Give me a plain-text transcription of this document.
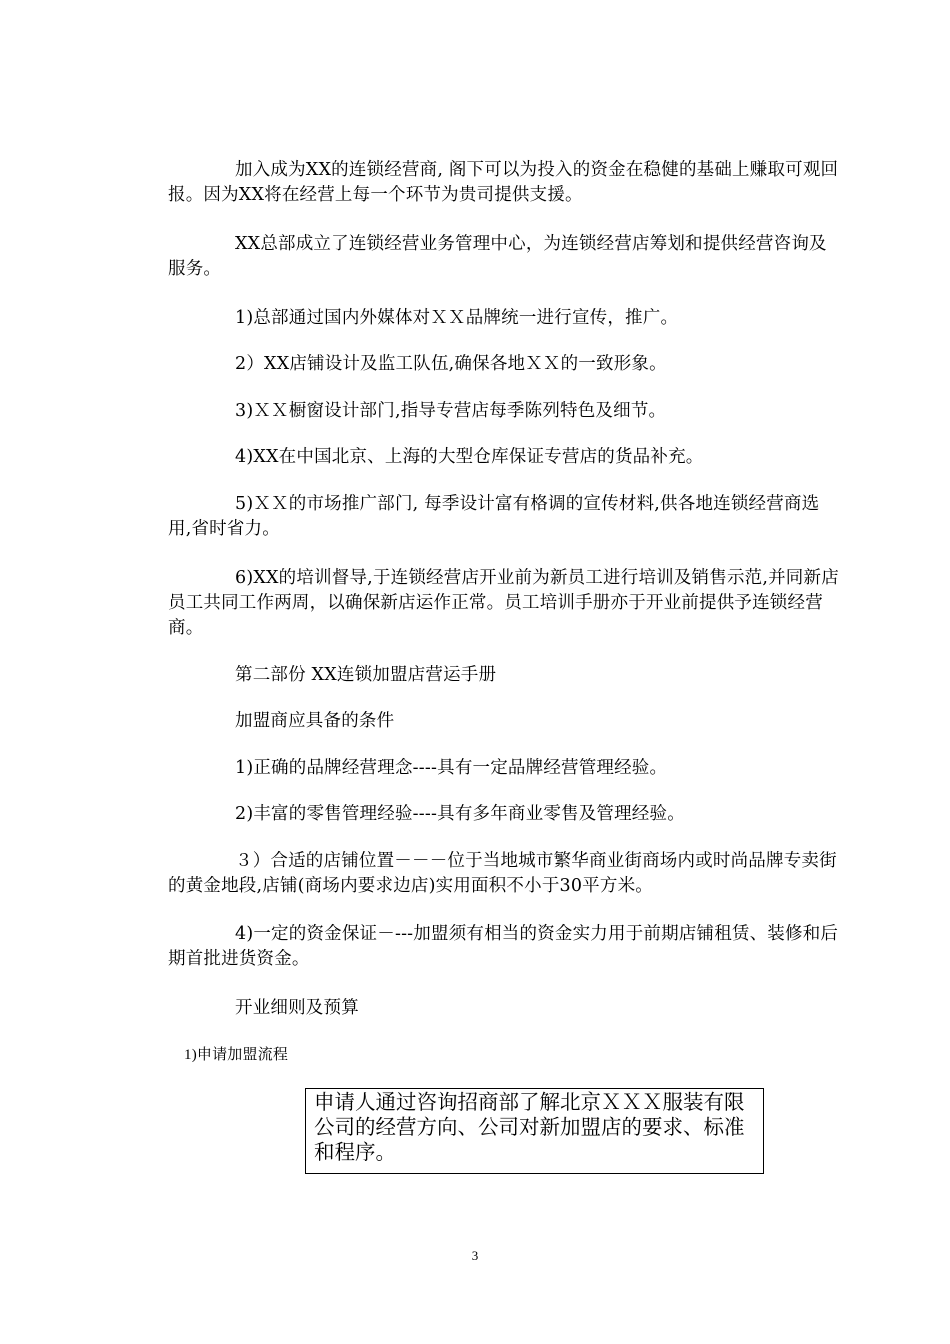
加入成为XX的连锁经营商, 阁下可以为投入的资金在稳健的基础上赚取可观回报。因为XX将在经营上每一个环节为贵司提供支援。

XX总部成立了连锁经营业务管理中心，为连锁经营店筹划和提供经营咨询及服务。

1)总部通过国内外媒体对ＸＸ品牌统一进行宣传，推广。

2）XX店铺设计及监工队伍,确保各地ＸＸ的一致形象。

3)ＸＸ橱窗设计部门,指导专营店每季陈列特色及细节。

4)XX在中国北京、上海的大型仓库保证专营店的货品补充。

5)ＸＸ的市场推广部门, 每季设计富有格调的宣传材料,供各地连锁经营商选用,省时省力。

6)XX的培训督导,于连锁经营店开业前为新员工进行培训及销售示范,并同新店员工共同工作两周，以确保新店运作正常。员工培训手册亦于开业前提供予连锁经营商。

第二部份 XX连锁加盟店营运手册

加盟商应具备的条件

1)正确的品牌经营理念----具有一定品牌经营管理经验。

2)丰富的零售管理经验----具有多年商业零售及管理经验。

３）合适的店铺位置－－－位于当地城市繁华商业街商场内或时尚品牌专卖街的黄金地段,店铺(商场内要求边店)实用面积不小于30平方米。

4)一定的资金保证－---加盟须有相当的资金实力用于前期店铺租赁、装修和后期首批进货资金。

开业细则及预算

1)申请加盟流程

申请人通过咨询招商部了解北京ＸＸＸ服装有限公司的经营方向、公司对新加盟店的要求、标准和程序。
3
